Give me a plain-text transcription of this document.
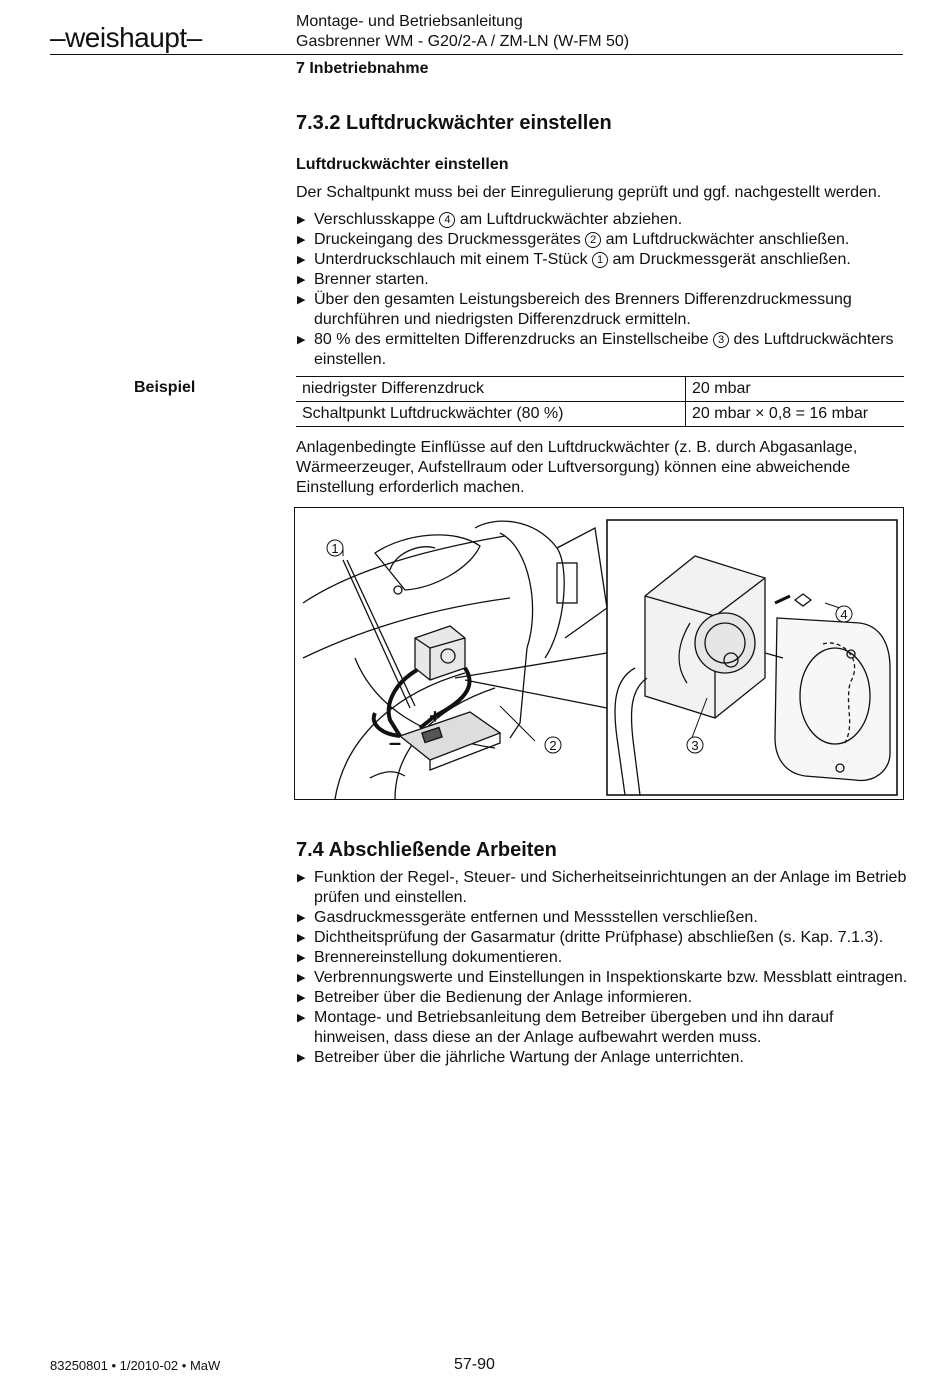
–weishaupt–
Montage- und Betriebsanleitung
Gasbrenner WM - G20/2-A / ZM-LN (W-FM 50)
7 Inbetriebnahme
7.3.2 Luftdruckwächter einstellen
Luftdruckwächter einstellen
Der Schaltpunkt muss bei der Einregulierung geprüft und ggf. nachgestellt werden.
▶ Verschlusskappe 4 am Luftdruckwächter abziehen.
▶ Druckeingang des Druckmessgerätes 2 am Luftdruckwächter anschließen.
▶ Unterdruckschlauch mit einem T-Stück 1 am Druckmessgerät anschließen.
▶ Brenner starten.
▶ Über den gesamten Leistungsbereich des Brenners Differenzdruckmessung durchführen und niedrigsten Differenzdruck ermitteln.
▶ 80 % des ermittelten Differenzdrucks an Einstellscheibe 3 des Luftdruckwächters einstellen.
Beispiel	niedrigster Differenzdruck	20 mbar
Schaltpunkt Luftdruckwächter (80 %)	20 mbar × 0,8 = 16 mbar
Anlagenbedingte Einflüsse auf den Luftdruckwächter (z. B. durch Abgasanlage, Wärmeerzeuger, Aufstellraum oder Luftversorgung) können eine abweichende Einstellung erforderlich machen.
1
2	3
4
+
–
7.4 Abschließende Arbeiten
▶ Funktion der Regel-, Steuer- und Sicherheitseinrichtungen an der Anlage im Betrieb prüfen und einstellen.
▶ Gasdruckmessgeräte entfernen und Messstellen verschließen.
▶ Dichtheitsprüfung der Gasarmatur (dritte Prüfphase) abschließen (s. Kap. 7.1.3).
▶ Brennereinstellung dokumentieren.
▶ Verbrennungswerte und Einstellungen in Inspektionskarte bzw. Messblatt eintragen.
▶ Betreiber über die Bedienung der Anlage informieren.
▶ Montage- und Betriebsanleitung dem Betreiber übergeben und ihn darauf hinweisen, dass diese an der Anlage aufbewahrt werden muss.
▶ Betreiber über die jährliche Wartung der Anlage unterrichten.
83250801 • 1/2010-02 • MaW	57-90
